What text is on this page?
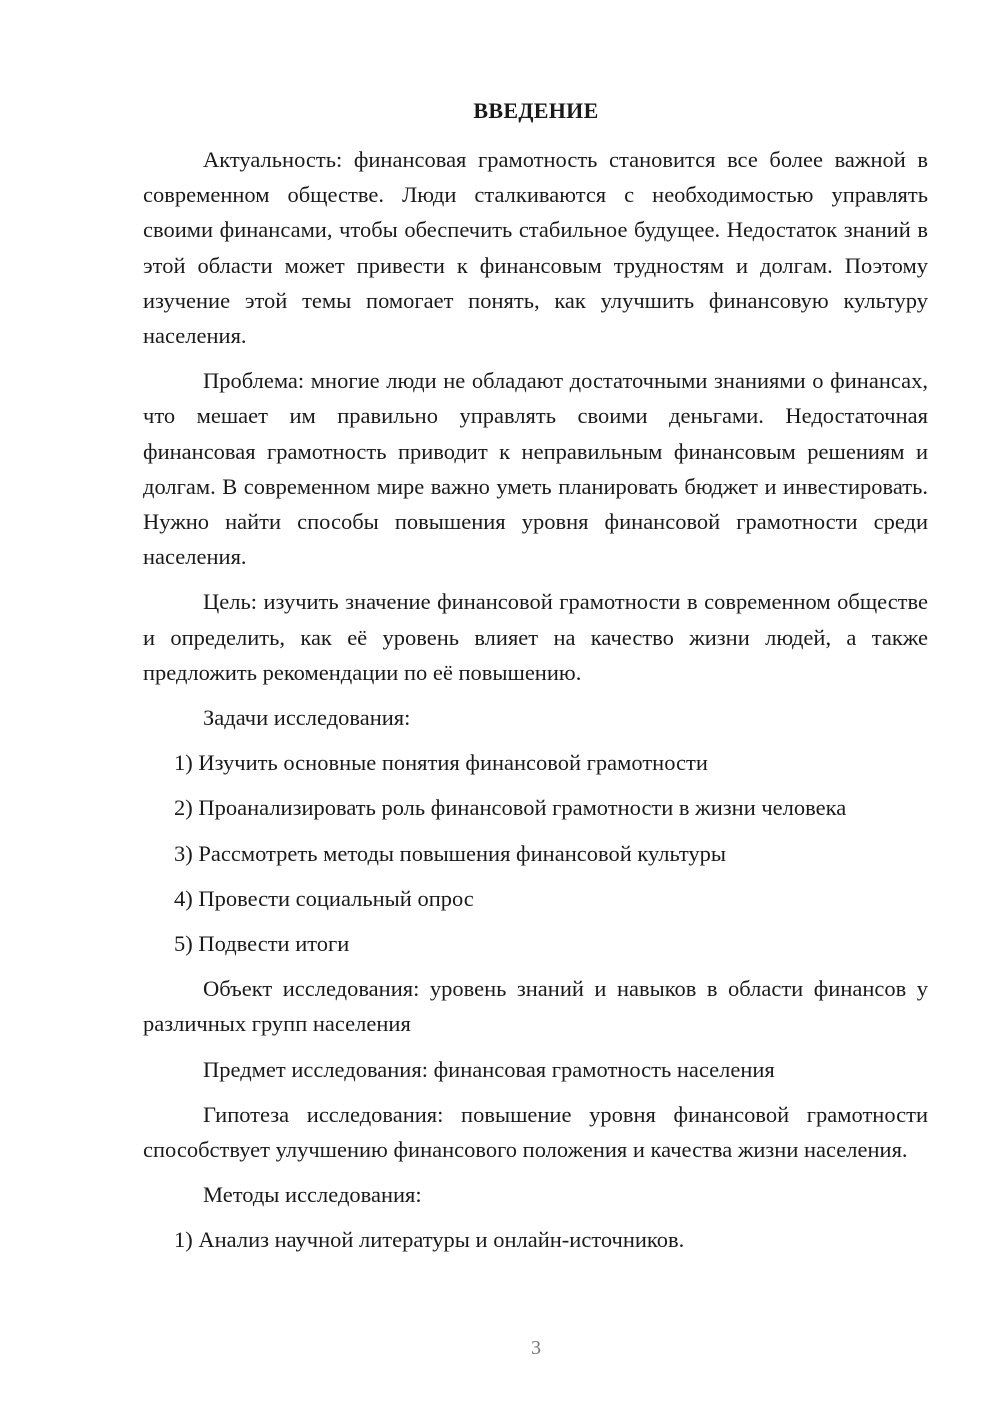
ВВЕДЕНИЕ

Актуальность: финансовая грамотность становится все более важной в современном обществе. Люди сталкиваются с необходимостью управлять своими финансами, чтобы обеспечить стабильное будущее. Недостаток знаний в этой области может привести к финансовым трудностям и долгам. Поэтому изучение этой темы помогает понять, как улучшить финансовую культуру населения.

Проблема: многие люди не обладают достаточными знаниями о финансах, что мешает им правильно управлять своими деньгами. Недостаточная финансовая грамотность приводит к неправильным финансовым решениям и долгам. В современном мире важно уметь планировать бюджет и инвестировать. Нужно найти способы повышения уровня финансовой грамотности среди населения.

Цель: изучить значение финансовой грамотности в современном обществе и определить, как её уровень влияет на качество жизни людей, а также предложить рекомендации по её повышению.

Задачи исследования:

1) Изучить основные понятия финансовой грамотности
2) Проанализировать роль финансовой грамотности в жизни человека
3) Рассмотреть методы повышения финансовой культуры
4) Провести социальный опрос
5) Подвести итоги

Объект исследования: уровень знаний и навыков в области финансов у различных групп населения

Предмет исследования: финансовая грамотность населения

Гипотеза исследования: повышение уровня финансовой грамотности способствует улучшению финансового положения и качества жизни населения.

Методы исследования:

1) Анализ научной литературы и онлайн-источников.
3
